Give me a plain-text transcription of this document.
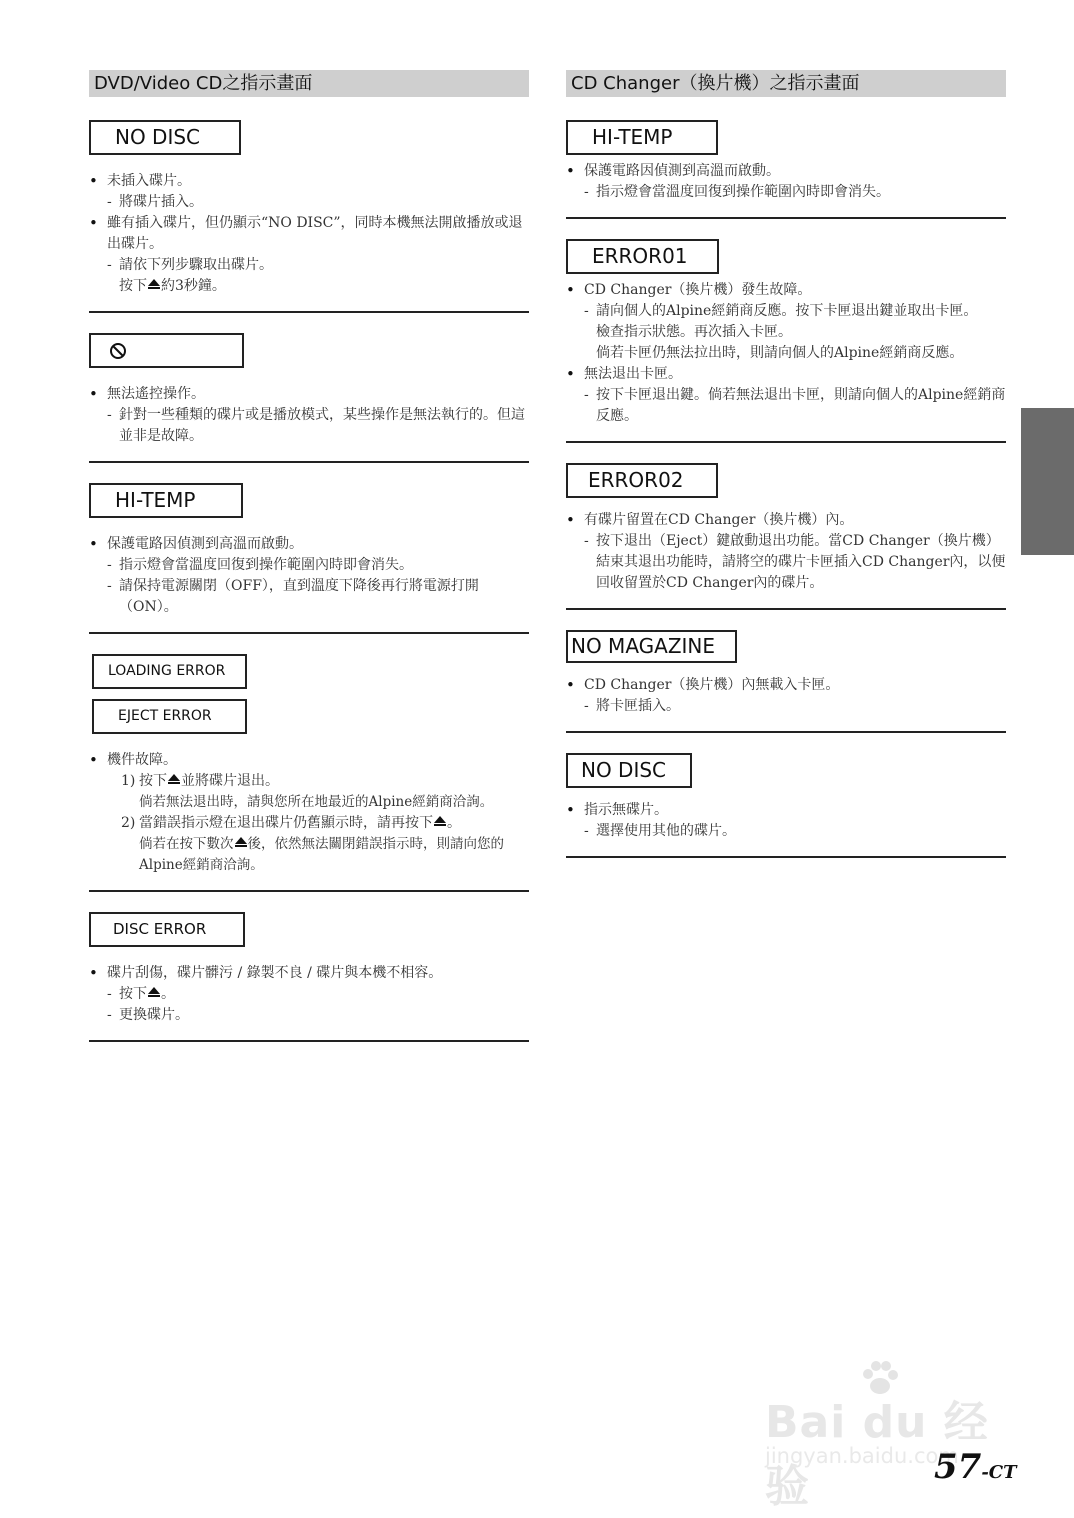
DVD/Video CD之指示畫面
NO DISC
• 未插入碟片。
- 將碟片插入。
• 雖有插入碟片，但仍顯示“NO DISC”，同時本機無法開啟播放或退出碟片。
- 請依下列步驟取出碟片。
按下 約3秒鐘。
• 無法遙控操作。
- 針對一些種類的碟片或是播放模式，某些操作是無法執行的。但這並非是故障。
HI-TEMP
• 保護電路因偵測到高溫而啟動。
- 指示燈會當溫度回復到操作範圍內時即會消失。
- 請保持電源關閉（OFF），直到溫度下降後再行將電源打開（ON）。
LOADING ERROR
EJECT ERROR
• 機件故障。
1) 按下 並將碟片退出。
倘若無法退出時，請與您所在地最近的Alpine經銷商洽詢。
2) 當錯誤指示燈在退出碟片仍舊顯示時，請再按下 。
倘若在按下數次 後，依然無法關閉錯誤指示時，則請向您的Alpine經銷商洽詢。
DISC ERROR
• 碟片刮傷，碟片髒污 / 錄製不良 / 碟片與本機不相容。
- 按下 。
- 更換碟片。
CD Changer（換片機）之指示畫面
HI-TEMP
• 保護電路因偵測到高溫而啟動。
- 指示燈會當溫度回復到操作範圍內時即會消失。
ERROR01
• CD Changer（換片機）發生故障。
- 請向個人的Alpine經銷商反應。按下卡匣退出鍵並取出卡匣。
檢查指示狀態。再次插入卡匣。
倘若卡匣仍無法拉出時，則請向個人的Alpine經銷商反應。
• 無法退出卡匣。
- 按下卡匣退出鍵。倘若無法退出卡匣，則請向個人的Alpine經銷商反應。
ERROR02
• 有碟片留置在CD Changer（換片機）內。
- 按下退出（Eject）鍵啟動退出功能。當CD Changer（換片機）結束其退出功能時，請將空的碟片卡匣插入CD Changer內，以便回收留置於CD Changer內的碟片。
NO MAGAZINE
• CD Changer（換片機）內無載入卡匣。
- 將卡匣插入。
NO DISC
• 指示無碟片。
- 選擇使用其他的碟片。
Bai du 经验
jingyan.baidu.com
57-CT
